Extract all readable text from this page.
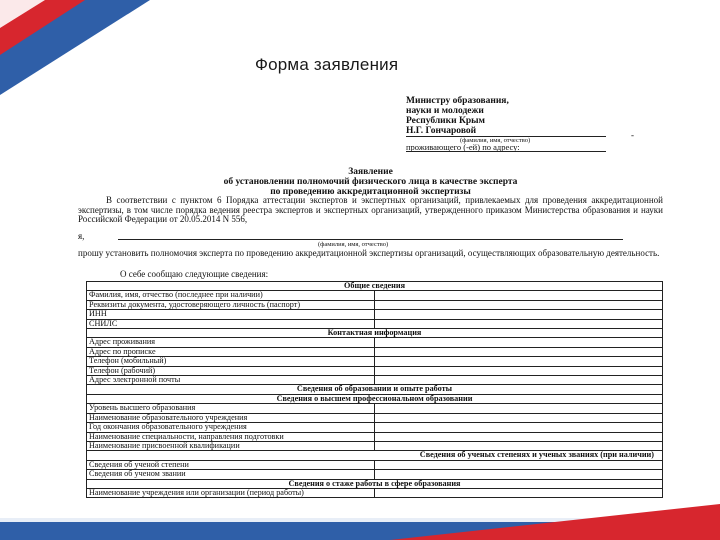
Форма заявления
Министру образования,
науки и молодежи
Республики Крым
Н.Г. Гончаровой	-
(фамилия, имя, отчество)
проживающего (-ей) по адресу:
Заявление
об установлении полномочий физического лица в качестве эксперта
по проведению аккредитационной экспертизы

В соответствии с пунктом 6 Порядка аттестации экспертов и экспертных организаций, привлекаемых для проведения аккредитационной экспертизы, в том числе порядка ведения реестра экспертов и экспертных организаций, утвержденного приказом Министерства образования и науки Российской Федерации от 20.05.2014 N 556,

я,
(фамилия, имя, отчество)
прошу установить полномочия эксперта по проведению аккредитационной экспертизы организаций, осуществляющих образовательную деятельность.
О себе сообщаю следующие сведения:
Общие сведения	
Фамилия, имя, отчество (последнее при наличии)	
Реквизиты документа, удостоверяющего личность (паспорт)	
ИНН	
СНИЛС	
Контактная информация	
Адрес проживания	
Адрес по прописке	
Телефон (мобильный)	
Телефон (рабочий)	
Адрес электронной почты	
Сведения об образовании и опыте работы	
Сведения о высшем профессиональном образовании	
Уровень высшего образования	
Наименование образовательного учреждения	
Год окончания образовательного учреждения	
Наименование специальности, направления подготовки	
Наименование присвоенной квалификации	
Сведения об ученых степенях и ученых званиях (при наличии)	
Сведения об ученой степени	
Сведения об ученом звании	
Сведения о стаже работы в сфере образования	
Наименование учреждения или организации (период работы)	
